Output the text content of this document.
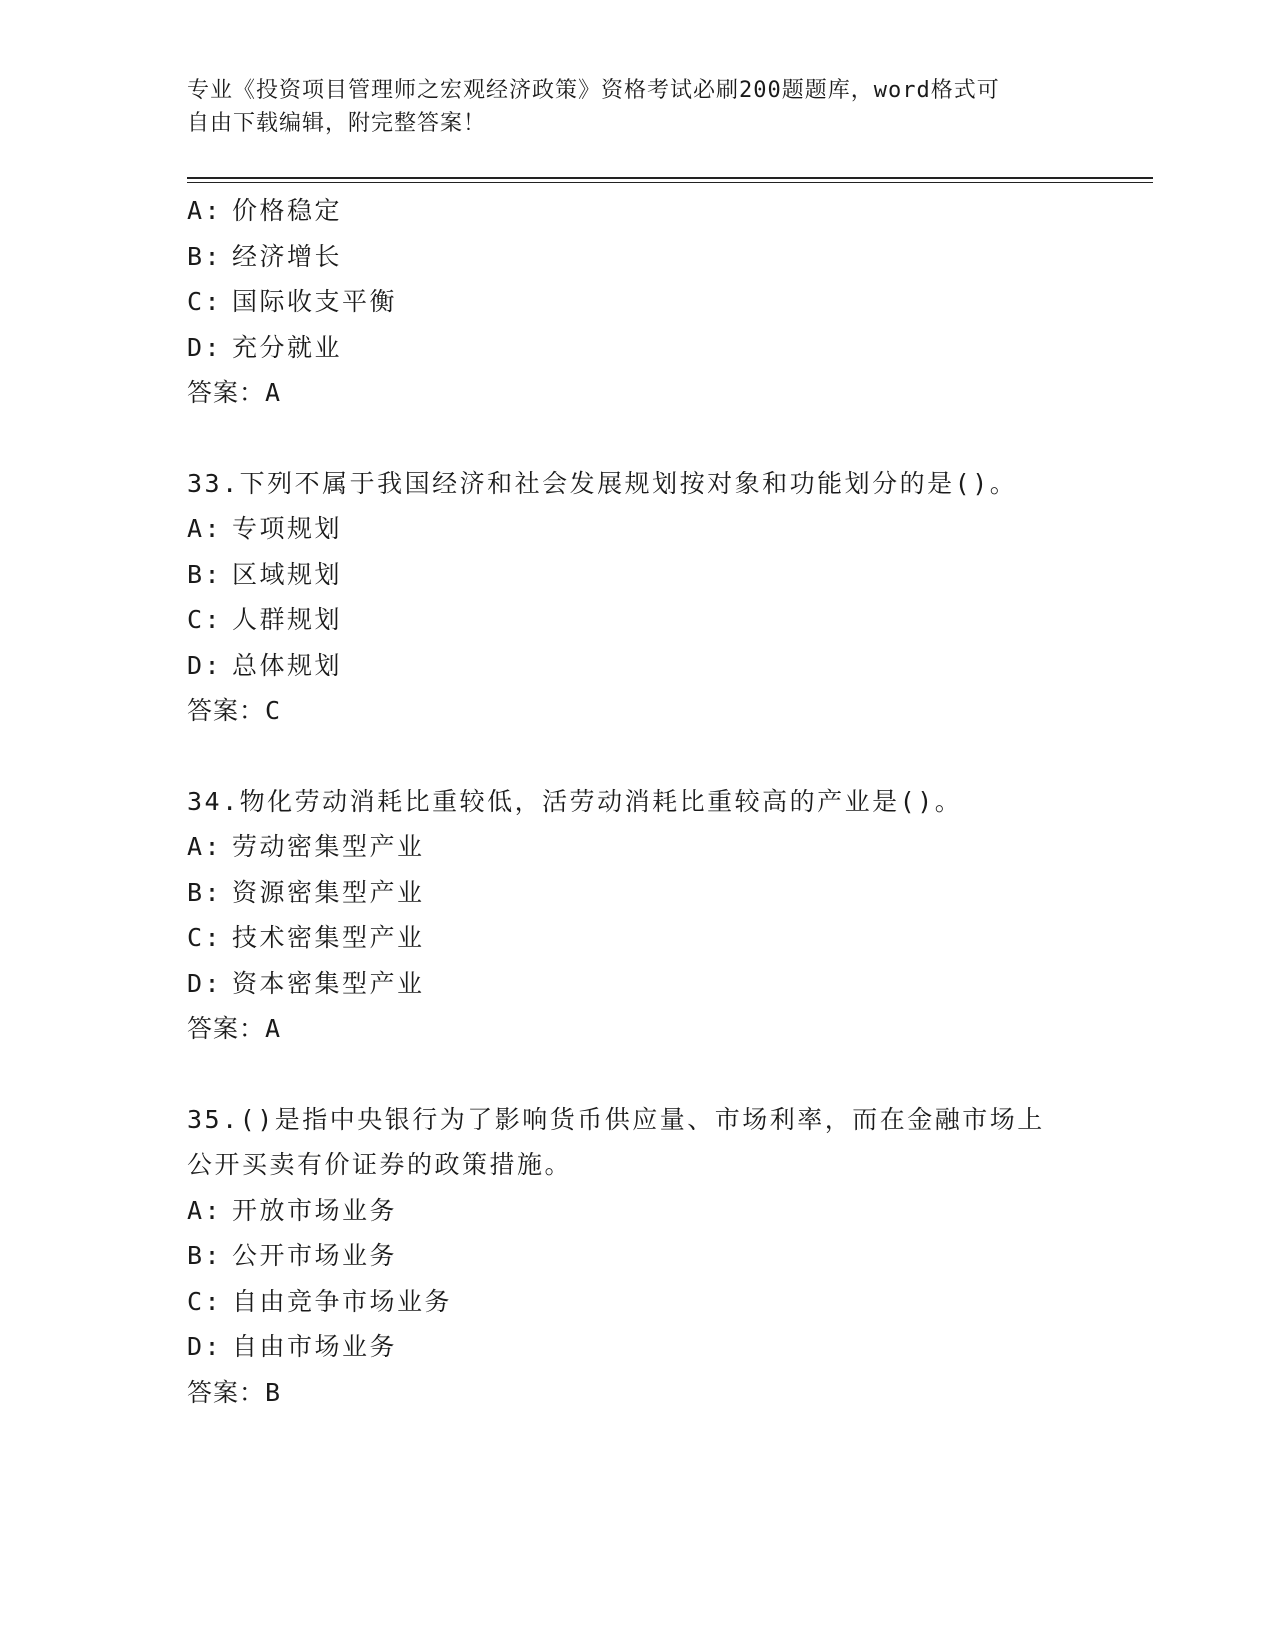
专业《投资项目管理师之宏观经济政策》资格考试必刷200题题库，word格式可
自由下载编辑，附完整答案！
A: 价格稳定
B: 经济增长
C: 国际收支平衡
D: 充分就业
答案：A
33.下列不属于我国经济和社会发展规划按对象和功能划分的是()。
A: 专项规划
B: 区域规划
C: 人群规划
D: 总体规划
答案：C
34.物化劳动消耗比重较低，活劳动消耗比重较高的产业是()。
A: 劳动密集型产业
B: 资源密集型产业
C: 技术密集型产业
D: 资本密集型产业
答案：A
35.()是指中央银行为了影响货币供应量、市场利率，而在金融市场上
公开买卖有价证券的政策措施。
A: 开放市场业务
B: 公开市场业务
C: 自由竞争市场业务
D: 自由市场业务
答案：B
